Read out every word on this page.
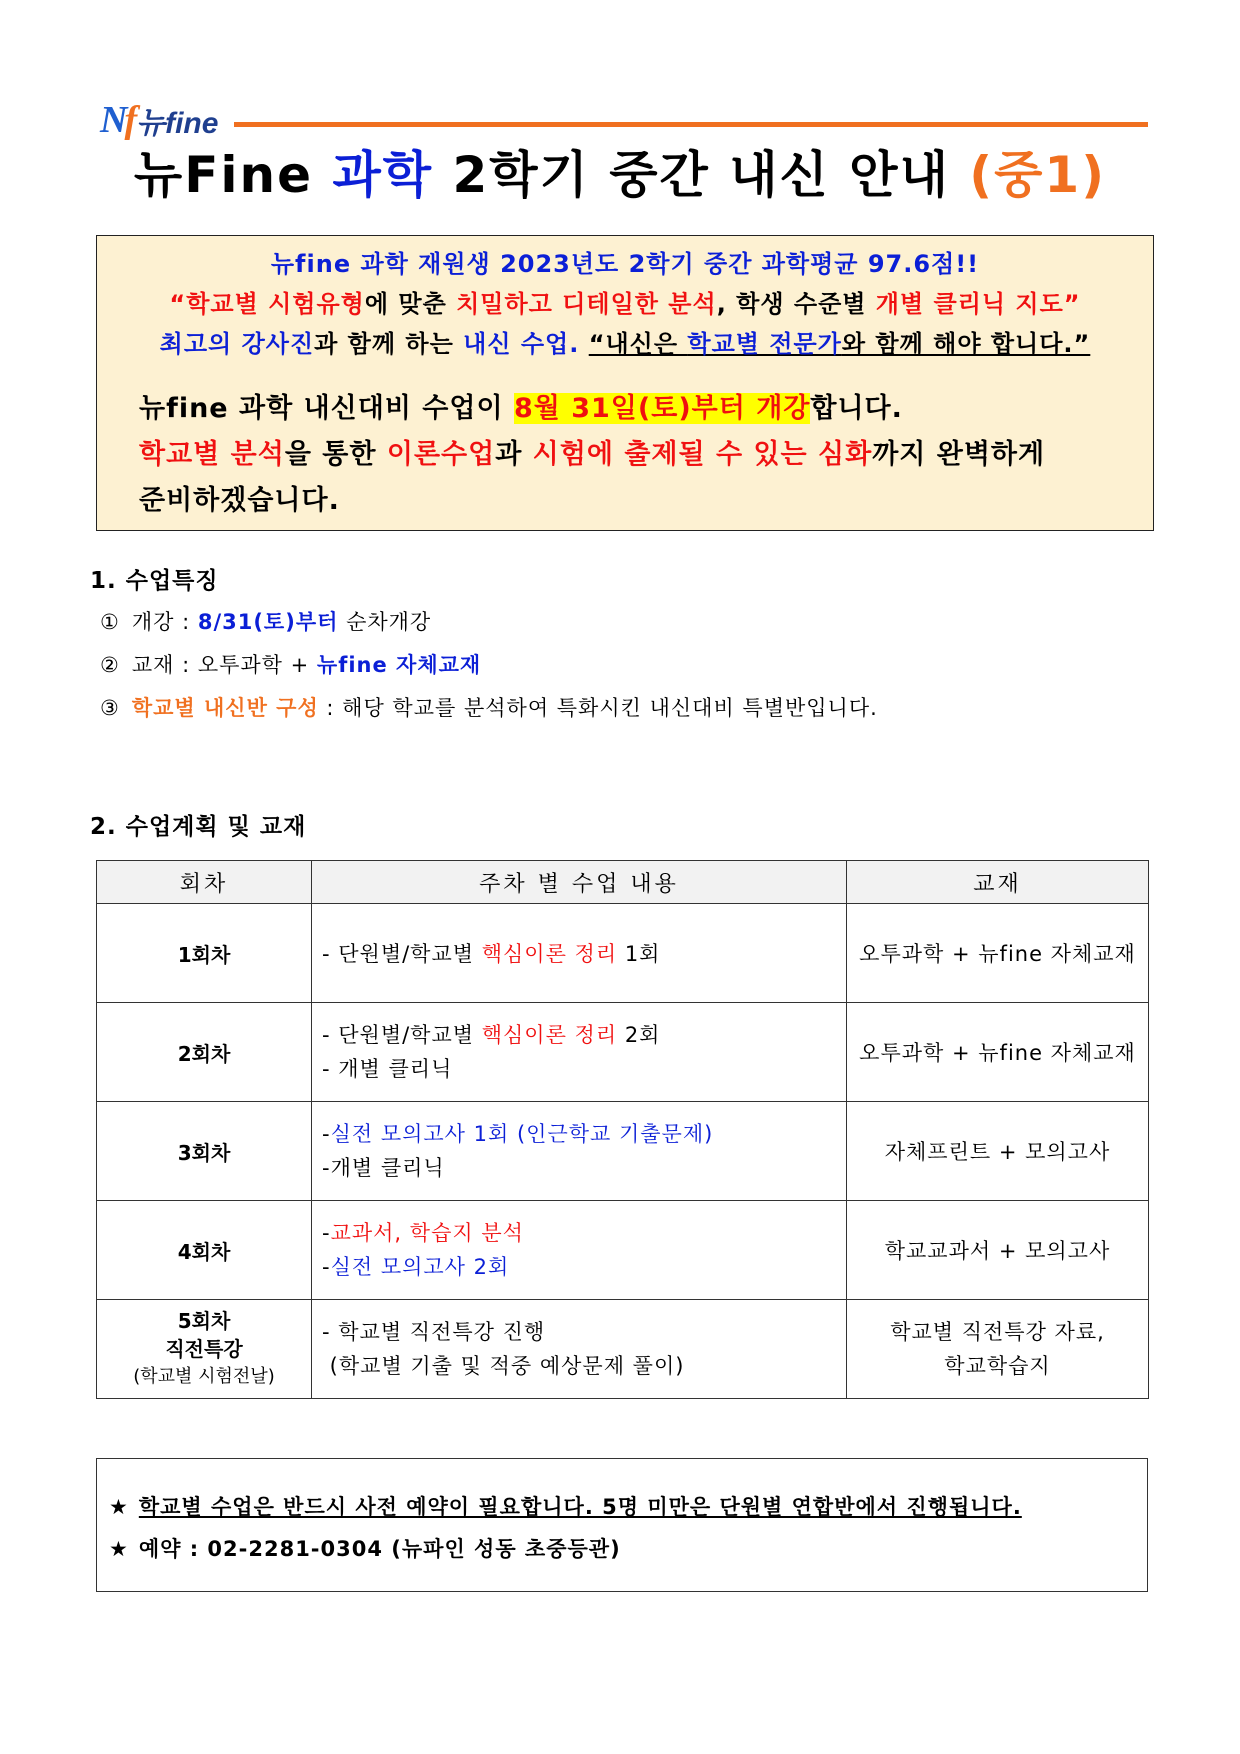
Nf 뉴fine
뉴Fine 과학 2학기 중간 내신 안내 (중1)
뉴fine 과학 재원생 2023년도 2학기 중간 과학평균 97.6점!!
“학교별 시험유형에 맞춘 치밀하고 디테일한 분석, 학생 수준별 개별 클리닉 지도”
최고의 강사진과 함께 하는 내신 수업. “내신은 학교별 전문가와 함께 해야 합니다.”
뉴fine 과학 내신대비 수업이 8월 31일(토)부터 개강합니다.
학교별 분석을 통한 이론수업과 시험에 출제될 수 있는 심화까지 완벽하게
준비하겠습니다.
1. 수업특징
① 개강 : 8/31(토)부터 순차개강
② 교재 : 오투과학 + 뉴fine 자체교재
③ 학교별 내신반 구성 : 해당 학교를 분석하여 특화시킨 내신대비 특별반입니다.
2. 수업계획 및 교재
회차	주차 별 수업 내용	교재
1회차	- 단원별/학교별 핵심이론 정리 1회	오투과학 + 뉴fine 자체교재
2회차	- 단원별/학교별 핵심이론 정리 2회
- 개별 클리닉	오투과학 + 뉴fine 자체교재
3회차	-실전 모의고사 1회 (인근학교 기출문제)
-개별 클리닉	자체프린트 + 모의고사
4회차	-교과서, 학습지 분석
-실전 모의고사 2회	학교교과서 + 모의고사

5회차
직전특강
(학교별 시험전날)	- 학교별 직전특강 진행
(학교별 기출 및 적중 예상문제 풀이)	학교별 직전특강 자료,
학교학습지
★ 학교별 수업은 반드시 사전 예약이 필요합니다. 5명 미만은 단원별 연합반에서 진행됩니다.
★ 예약 : 02-2281-0304 (뉴파인 성동 초중등관)
